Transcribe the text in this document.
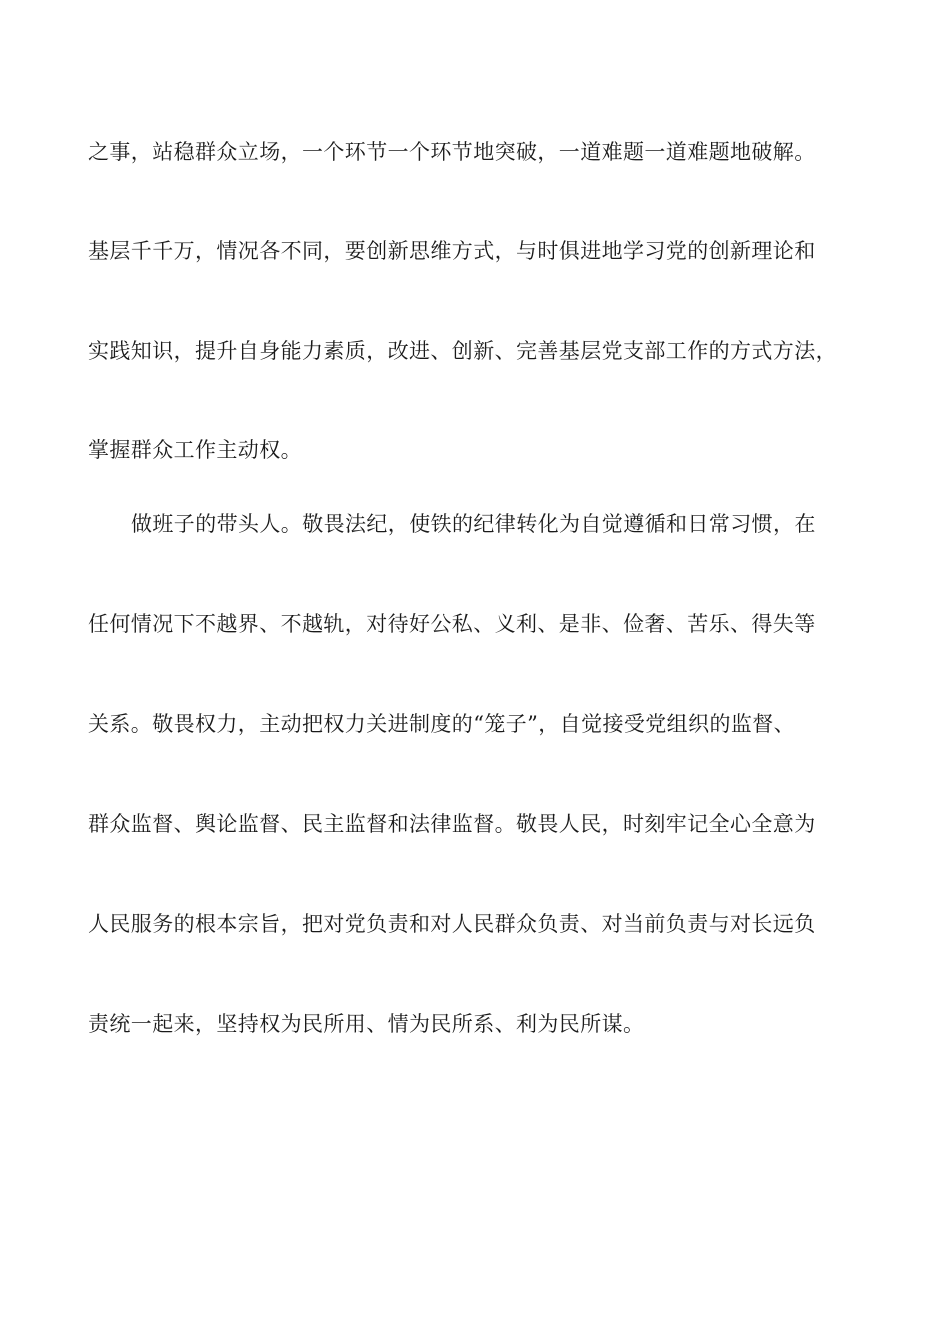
之事，站稳群众立场，一个环节一个环节地突破，一道难题一道难题地破解。
基层千千万，情况各不同，要创新思维方式，与时俱进地学习党的创新理论和
实践知识，提升自身能力素质，改进、创新、完善基层党支部工作的方式方法，
掌握群众工作主动权。
做班子的带头人。敬畏法纪，使铁的纪律转化为自觉遵循和日常习惯，在
任何情况下不越界、不越轨，对待好公私、义利、是非、俭奢、苦乐、得失等
关系。敬畏权力，主动把权力关进制度的“笼子”，自觉接受党组织的监督、
群众监督、舆论监督、民主监督和法律监督。敬畏人民，时刻牢记全心全意为
人民服务的根本宗旨，把对党负责和对人民群众负责、对当前负责与对长远负
责统一起来，坚持权为民所用、情为民所系、利为民所谋。
